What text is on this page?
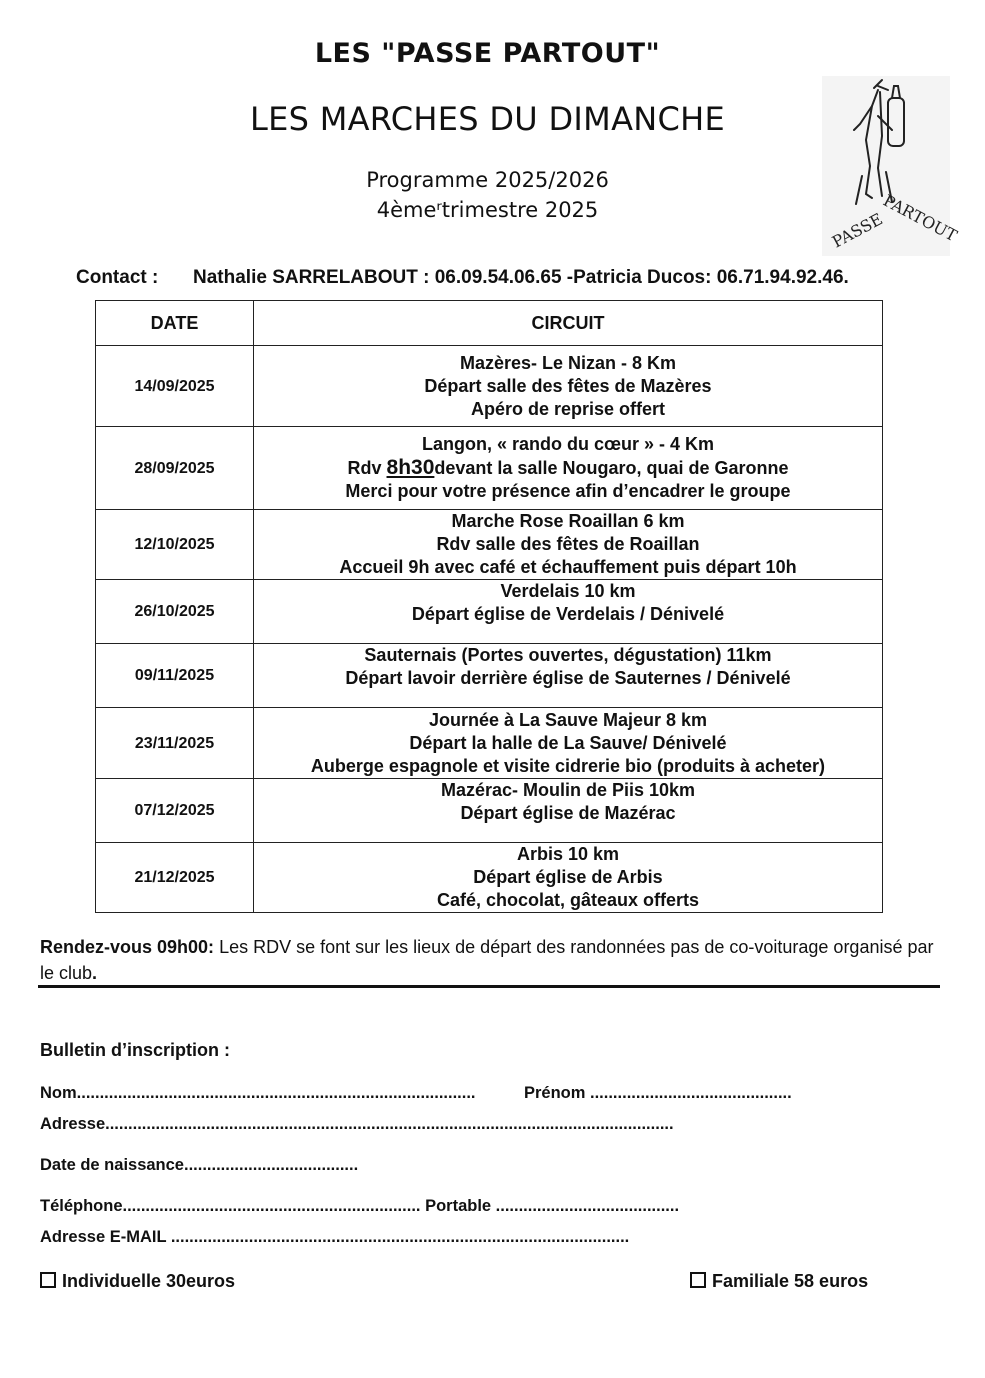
LES "PASSE PARTOUT"
LES MARCHES DU DIMANCHE
Programme 2025/2026
4èmeʳtrimestre 2025	PASSE
PARTOUT
Contact : Nathalie SARRELABOUT : 06.09.54.06.65 -Patricia Ducos: 06.71.94.92.46.
DATE	CIRCUIT
14/09/2025	Mazères- Le Nizan - 8 Km
Départ salle des fêtes de Mazères
Apéro de reprise offert

28/09/2025	Langon, « rando du cœur » - 4 Km
Rdv 8h30devant la salle Nougaro, quai de Garonne
Merci pour votre présence afin d’encadrer le groupe

12/10/2025	Marche Rose Roaillan 6 km
Rdv salle des fêtes de Roaillan
Accueil 9h avec café et échauffement puis départ 10h

26/10/2025	Verdelais 10 km
Départ église de Verdelais / Dénivelé

09/11/2025	Sauternais (Portes ouvertes, dégustation) 11km
Départ lavoir derrière église de Sauternes / Dénivelé

23/11/2025	Journée à La Sauve Majeur 8 km
Départ la halle de La Sauve/ Dénivelé
Auberge espagnole et visite cidrerie bio (produits à acheter)

07/12/2025	Mazérac- Moulin de Piis 10km
Départ église de Mazérac

21/12/2025	Arbis 10 km
Départ église de Arbis
Café, chocolat, gâteaux offerts
Rendez-vous 09h00: Les RDV se font sur les lieux de départ des randonnées pas de co-voiturage organisé par le club.
Bulletin d’inscription :
Nom.......................................................................................	Prénom ............................................
Adresse............................................................................................................................
Date de naissance......................................
Téléphone................................................................. Portable ........................................
Adresse E-MAIL ....................................................................................................
Individuelle 30euros	Familiale 58 euros
